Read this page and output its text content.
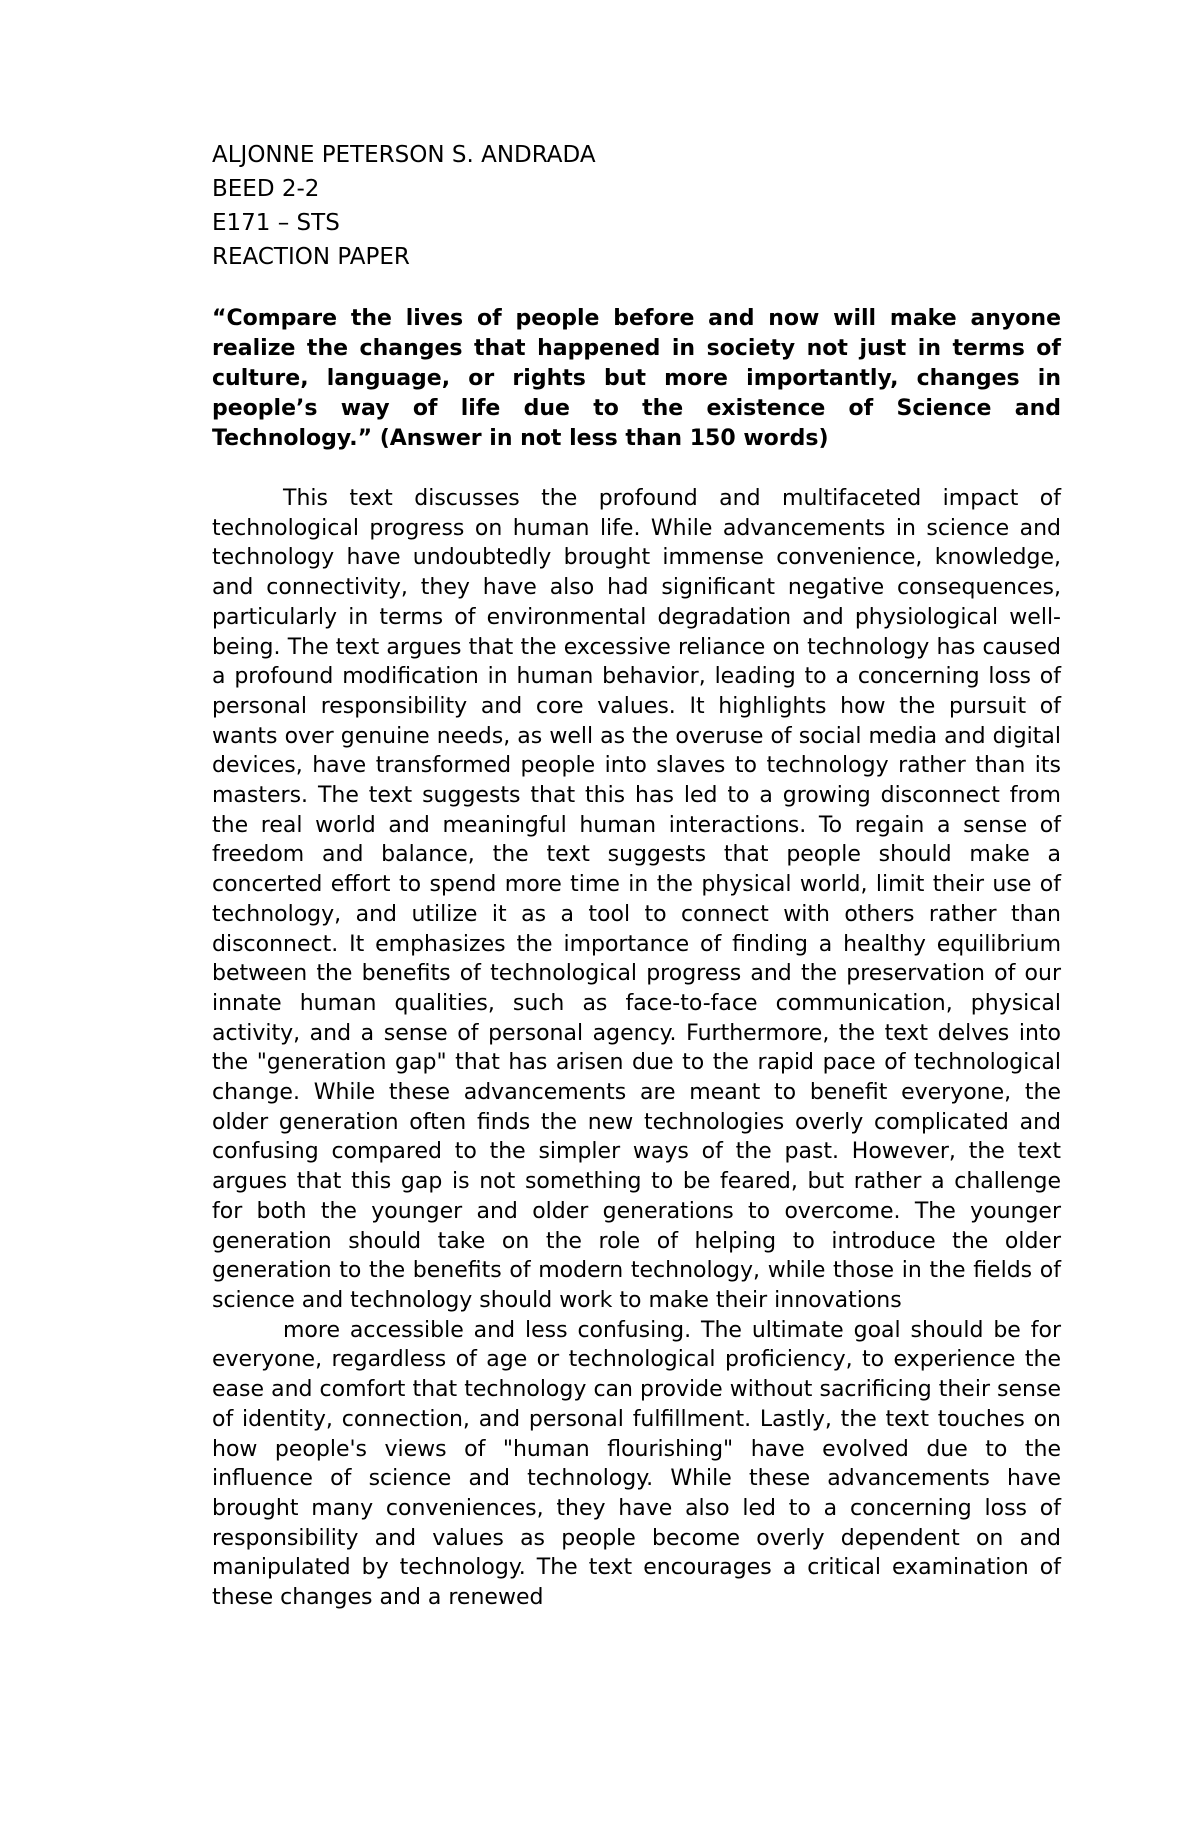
ALJONNE PETERSON S. ANDRADA
BEED 2-2
E171 – STS
REACTION PAPER
“Compare the lives of people before and now will make anyone realize the changes that happened in society not just in terms of culture, language, or rights but more importantly, changes in people’s way of life due to the existence of Science and Technology.” (Answer in not less than 150 words)

This text discusses the profound and multifaceted impact of technological progress on human life. While advancements in science and technology have undoubtedly brought immense convenience, knowledge, and connectivity, they have also had significant negative consequences, particularly in terms of environmental degradation and physiological well-being. The text argues that the excessive reliance on technology has caused a profound modification in human behavior, leading to a concerning loss of personal responsibility and core values. It highlights how the pursuit of wants over genuine needs, as well as the overuse of social media and digital devices, have transformed people into slaves to technology rather than its masters. The text suggests that this has led to a growing disconnect from the real world and meaningful human interactions. To regain a sense of freedom and balance, the text suggests that people should make a concerted effort to spend more time in the physical world, limit their use of technology, and utilize it as a tool to connect with others rather than disconnect. It emphasizes the importance of finding a healthy equilibrium between the benefits of technological progress and the preservation of our innate human qualities, such as face-to-face communication, physical activity, and a sense of personal agency. Furthermore, the text delves into the "generation gap" that has arisen due to the rapid pace of technological change. While these advancements are meant to benefit everyone, the older generation often finds the new technologies overly complicated and confusing compared to the simpler ways of the past. However, the text argues that this gap is not something to be feared, but rather a challenge for both the younger and older generations to overcome. The younger generation should take on the role of helping to introduce the older generation to the benefits of modern technology, while those in the fields of science and technology should work to make their innovations

more accessible and less confusing. The ultimate goal should be for everyone, regardless of age or technological proficiency, to experience the ease and comfort that technology can provide without sacrificing their sense of identity, connection, and personal fulfillment. Lastly, the text touches on how people's views of "human flourishing" have evolved due to the influence of science and technology. While these advancements have brought many conveniences, they have also led to a concerning loss of responsibility and values as people become overly dependent on and manipulated by technology. The text encourages a critical examination of these changes and a renewed
